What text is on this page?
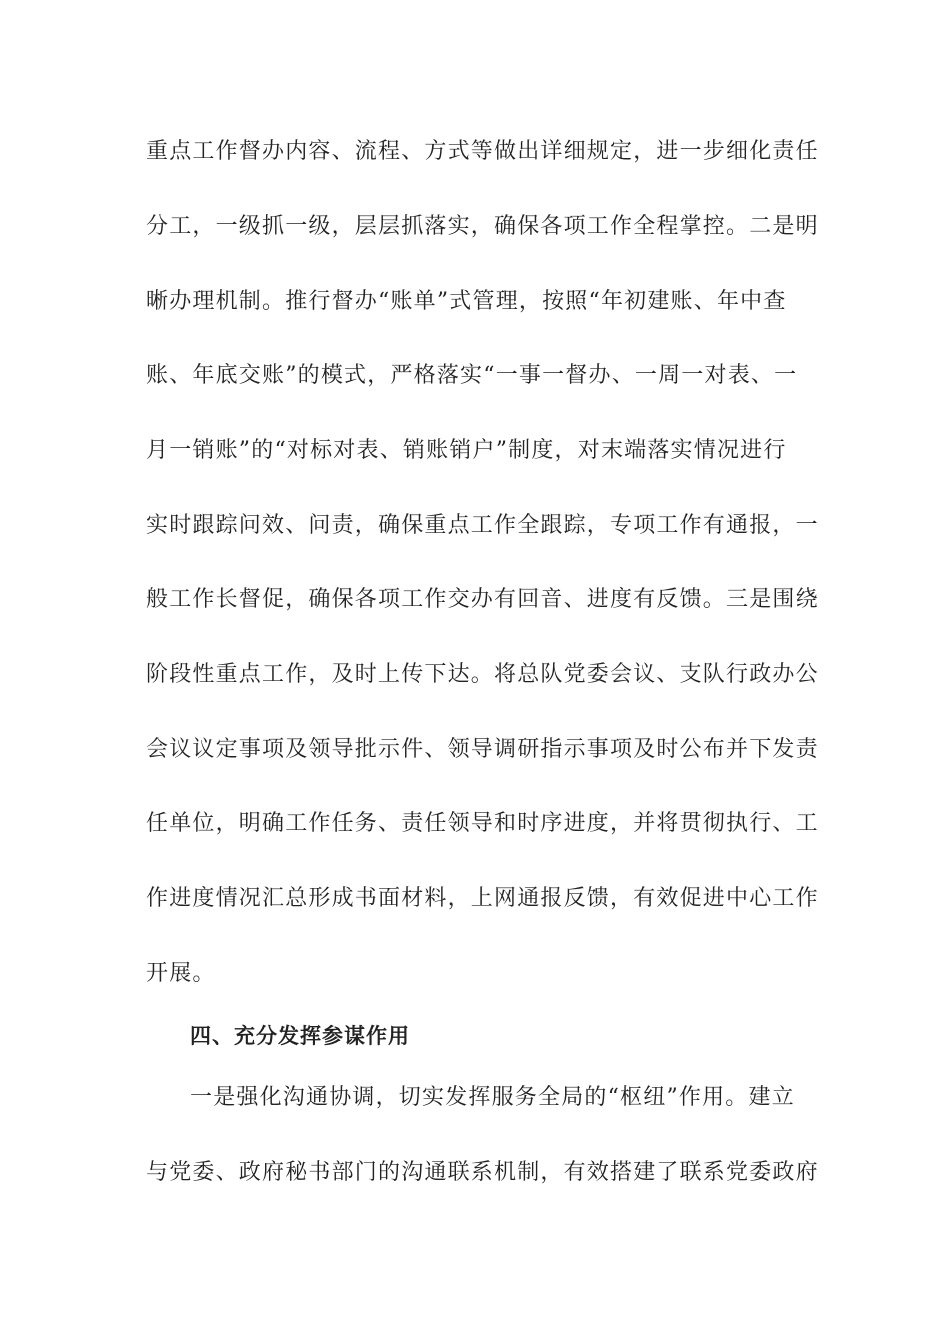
重点工作督办内容、流程、方式等做出详细规定，进一步细化责任
分工，一级抓一级，层层抓落实，确保各项工作全程掌控。二是明
晰办理机制。推行督办“账单”式管理，按照“年初建账、年中查
账、年底交账”的模式，严格落实“一事一督办、一周一对表、一
月一销账”的“对标对表、销账销户”制度，对末端落实情况进行
实时跟踪问效、问责，确保重点工作全跟踪，专项工作有通报，一
般工作长督促，确保各项工作交办有回音、进度有反馈。三是围绕
阶段性重点工作，及时上传下达。将总队党委会议、支队行政办公
会议议定事项及领导批示件、领导调研指示事项及时公布并下发责
任单位，明确工作任务、责任领导和时序进度，并将贯彻执行、工
作进度情况汇总形成书面材料，上网通报反馈，有效促进中心工作
开展。
四、充分发挥参谋作用
一是强化沟通协调，切实发挥服务全局的“枢纽”作用。建立
与党委、政府秘书部门的沟通联系机制，有效搭建了联系党委政府
